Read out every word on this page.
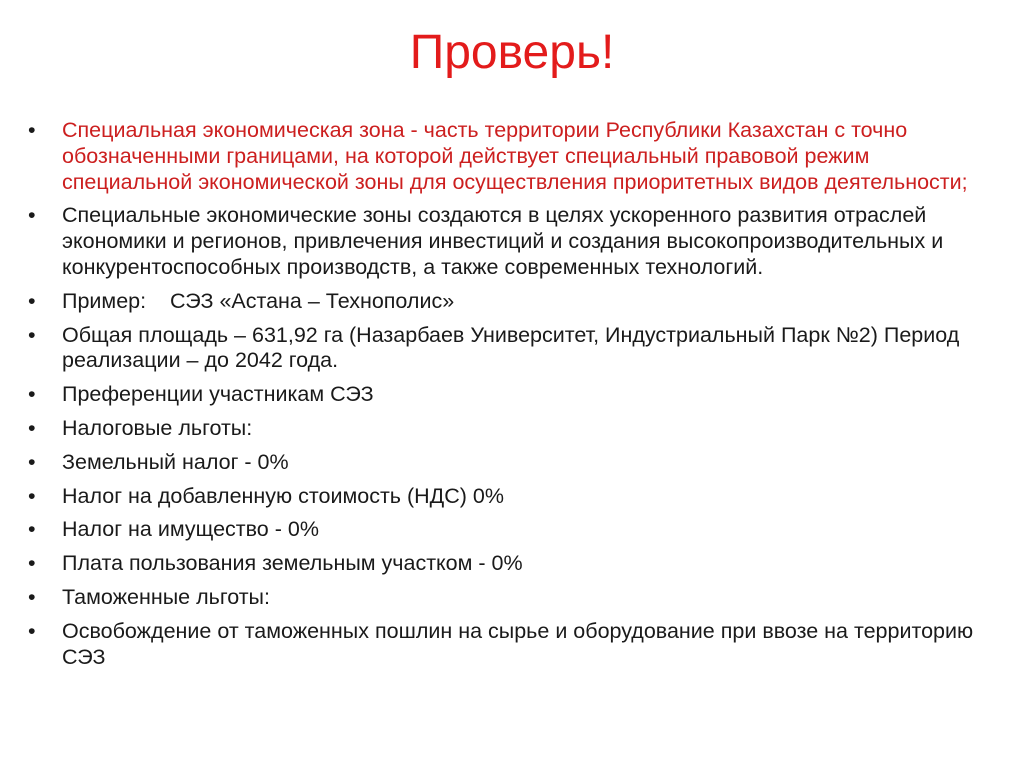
Проверь!
•	Специальная экономическая зона - часть территории Республики Казахстан с точно обозначенными границами, на которой действует специальный правовой режим специальной экономической зоны для осуществления приоритетных видов деятельности;
•	Специальные экономические зоны создаются в целях ускоренного развития отраслей экономики и регионов, привлечения инвестиций и создания высокопроизводительных и конкурентоспособных производств, а также современных технологий.
•	Пример:    СЭЗ «Астана – Технополис»
•	Общая площадь – 631,92 га (Назарбаев Университет, Индустриальный Парк №2) Период реализации – до 2042 года.
•	Преференции участникам СЭЗ
•	Налоговые льготы:
•	Земельный налог - 0%
•	Налог на добавленную стоимость (НДС) 0%
•	Налог на имущество - 0%
•	Плата пользования земельным участком - 0%
•	Таможенные льготы:
•	Освобождение от таможенных пошлин на сырье и оборудование при ввозе на территорию СЭЗ
